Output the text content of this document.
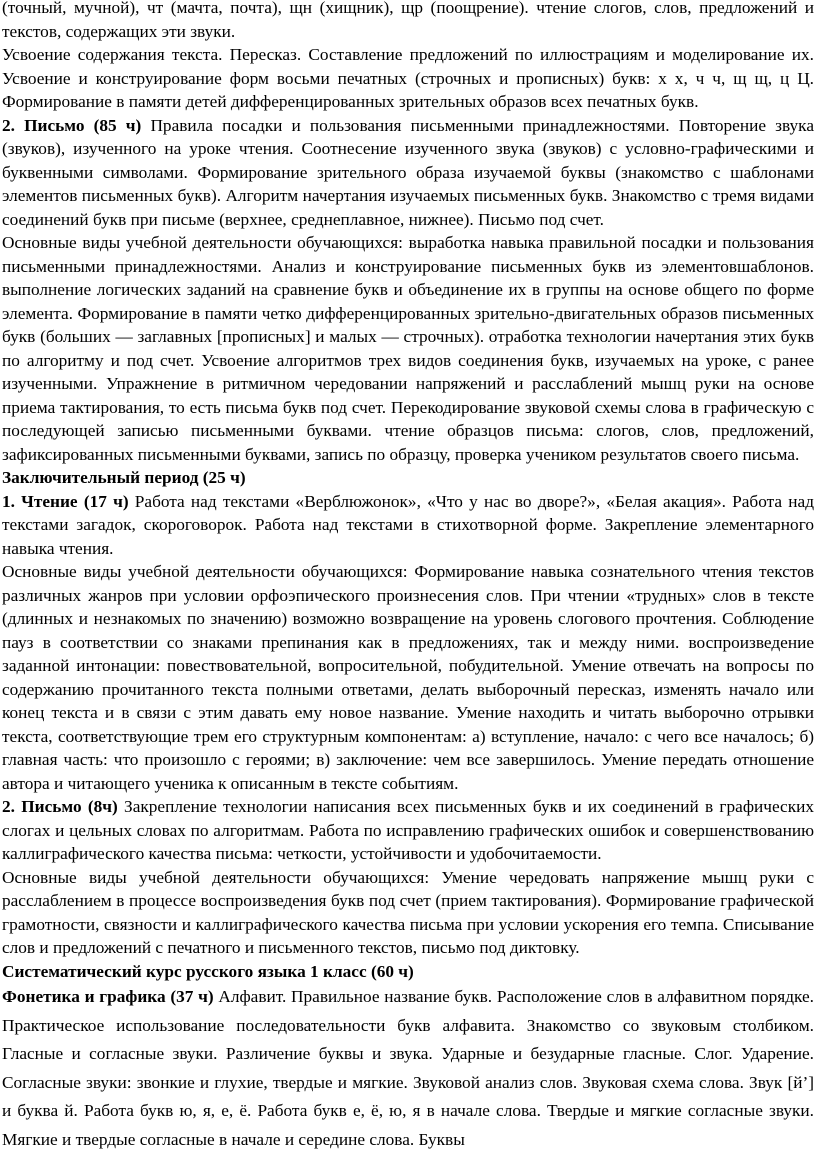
(точный, мучной), чт (мачта, почта), щн (хищник), щр (поощрение). чтение слогов, слов, предложений и текстов, содержащих эти звуки.

Усвоение содержания текста. Пересказ. Составление предложений по иллюстрациям и моделирование их. Усвоение и конструирование форм восьми печатных (строчных и прописных) букв: х х, ч ч, щ щ, ц Ц. Формирование в памяти детей дифференцированных зрительных образов всех печатных букв.

2. Письмо (85 ч) Правила посадки и пользования письменными принадлежностями. Повторение звука (звуков), изученного на уроке чтения. Соотнесение изученного звука (звуков) с условно-графическими и буквенными символами. Формирование зрительного образа изучаемой буквы (знакомство с шаблонами элементов письменных букв). Алгоритм начертания изучаемых письменных букв. Знакомство с тремя видами соединений букв при письме (верхнее, среднеплавное, нижнее). Письмо под счет.

Основные виды учебной деятельности обучающихся: выработка навыка правильной посадки и пользования письменными принадлежностями. Анализ и конструирование письменных букв из элементовшаблонов. выполнение логических заданий на сравнение букв и объединение их в группы на основе общего по форме элемента. Формирование в памяти четко дифференцированных зрительно-двигательных образов письменных букв (больших — заглавных [прописных] и малых — строчных). отработка технологии начертания этих букв по алгоритму и под счет. Усвоение алгоритмов трех видов соединения букв, изучаемых на уроке, с ранее изученными. Упражнение в ритмичном чередовании напряжений и расслаблений мышц руки на основе приема тактирования, то есть письма букв под счет. Перекодирование звуковой схемы слова в графическую с последующей записью письменными буквами. чтение образцов письма: слогов, слов, предложений, зафиксированных письменными буквами, запись по образцу, проверка учеником результатов своего письма.

Заключительный период (25 ч)

1. Чтение (17 ч) Работа над текстами «Верблюжонок», «Что у нас во дворе?», «Белая акация». Работа над текстами загадок, скороговорок. Работа над текстами в стихотворной форме. Закрепление элементарного навыка чтения.

Основные виды учебной деятельности обучающихся: Формирование навыка сознательного чтения текстов различных жанров при условии орфоэпического произнесения слов. При чтении «трудных» слов в тексте (длинных и незнакомых по значению) возможно возвращение на уровень слогового прочтения. Соблюдение пауз в соответствии со знаками препинания как в предложениях, так и между ними. воспроизведение заданной интонации: повествовательной, вопросительной, побудительной. Умение отвечать на вопросы по содержанию прочитанного текста полными ответами, делать выборочный пересказ, изменять начало или конец текста и в связи с этим давать ему новое название. Умение находить и читать выборочно отрывки текста, соответствующие трем его структурным компонентам: а) вступление, начало: с чего все началось; б) главная часть: что произошло с героями; в) заключение: чем все завершилось. Умение передать отношение автора и читающего ученика к описанным в тексте событиям.

2. Письмо (8ч) Закрепление технологии написания всех письменных букв и их соединений в графических слогах и цельных словах по алгоритмам. Работа по исправлению графических ошибок и совершенствованию каллиграфического качества письма: четкости, устойчивости и удобочитаемости.

Основные виды учебной деятельности обучающихся: Умение чередовать напряжение мышц руки с расслаблением в процессе воспроизведения букв под счет (прием тактирования). Формирование графической грамотности, связности и каллиграфического качества письма при условии ускорения его темпа. Списывание слов и предложений с печатного и письменного текстов, письмо под диктовку.

Систематический курс русского языка 1 класс (60 ч)

Фонетика и графика (37 ч) Алфавит. Правильное название букв. Расположение слов в алфавитном порядке. Практическое использование последовательности букв алфавита. Знакомство со звуковым столбиком. Гласные и согласные звуки. Различение буквы и звука. Ударные и безударные гласные. Слог. Ударение. Согласные звуки: звонкие и глухие, твердые и мягкие. Звуковой анализ слов. Звуковая схема слова. Звук [й’] и буква й. Работа букв ю, я, е, ё. Работа букв е, ё, ю, я в начале слова. Твердые и мягкие согласные звуки. Мягкие и твердые согласные в начале и середине слова. Буквы
